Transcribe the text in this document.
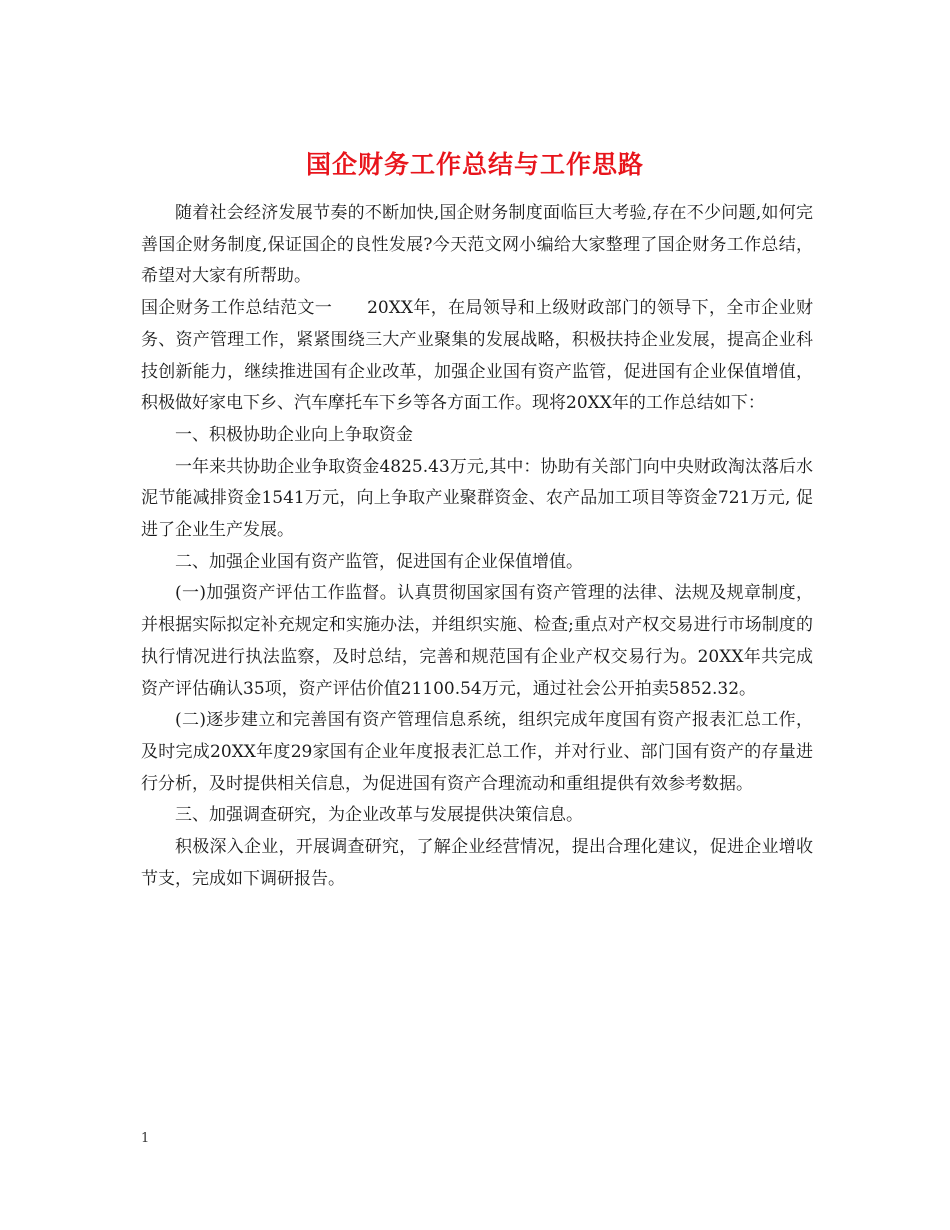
国企财务工作总结与工作思路

随着社会经济发展节奏的不断加快,国企财务制度面临巨大考验,存在不少问题,如何完善国企财务制度,保证国企的良性发展?今天范文网小编给大家整理了国企财务工作总结，希望对大家有所帮助。

国企财务工作总结范文一　　20XX年，在局领导和上级财政部门的领导下，全市企业财务、资产管理工作，紧紧围绕三大产业聚集的发展战略，积极扶持企业发展，提高企业科技创新能力，继续推进国有企业改革，加强企业国有资产监管，促进国有企业保值增值，积极做好家电下乡、汽车摩托车下乡等各方面工作。现将20XX年的工作总结如下：

一、积极协助企业向上争取资金

一年来共协助企业争取资金4825.43万元,其中：协助有关部门向中央财政淘汰落后水泥节能减排资金1541万元，向上争取产业聚群资金、农产品加工项目等资金721万元, 促进了企业生产发展。

二、加强企业国有资产监管，促进国有企业保值增值。

(一)加强资产评估工作监督。认真贯彻国家国有资产管理的法律、法规及规章制度，并根据实际拟定补充规定和实施办法，并组织实施、检查;重点对产权交易进行市场制度的执行情况进行执法监察，及时总结，完善和规范国有企业产权交易行为。20XX年共完成资产评估确认35项，资产评估价值21100.54万元，通过社会公开拍卖5852.32。

(二)逐步建立和完善国有资产管理信息系统，组织完成年度国有资产报表汇总工作，及时完成20XX年度29家国有企业年度报表汇总工作，并对行业、部门国有资产的存量进行分析，及时提供相关信息，为促进国有资产合理流动和重组提供有效参考数据。

三、加强调查研究，为企业改革与发展提供决策信息。

积极深入企业，开展调查研究，了解企业经营情况，提出合理化建议，促进企业增收节支，完成如下调研报告。

1
